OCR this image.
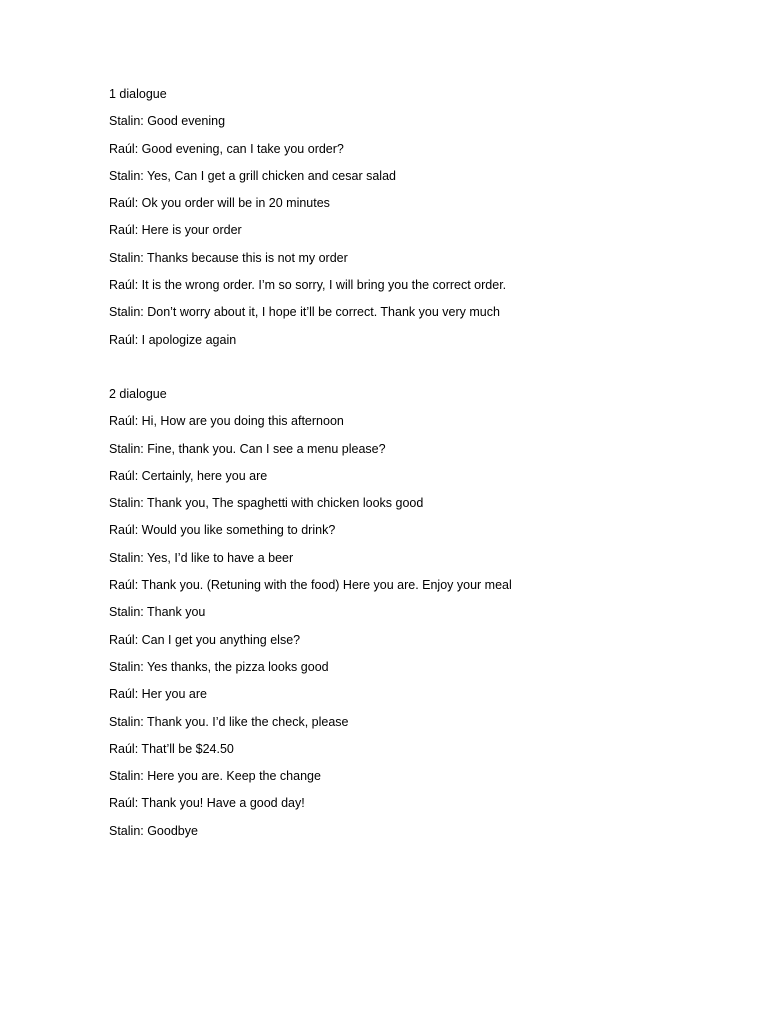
1 dialogue
Stalin: Good evening
Raúl: Good evening, can I take you order?
Stalin: Yes, Can I get a grill chicken and cesar salad
Raúl: Ok you order will be in 20 minutes
Raúl: Here is your order
Stalin: Thanks because this is not my order
Raúl: It is the wrong order. I’m so sorry, I will bring you the correct order.
Stalin: Don’t worry about it, I hope it’ll be correct. Thank you very much
Raúl: I apologize again
2 dialogue
Raúl: Hi, How are you doing this afternoon
Stalin: Fine, thank you. Can I see a menu please?
Raúl: Certainly, here you are
Stalin: Thank you, The spaghetti with chicken looks good
Raúl: Would you like something to drink?
Stalin: Yes, I’d like to have a beer
Raúl: Thank you. (Retuning with the food) Here you are. Enjoy your meal
Stalin: Thank you
Raúl: Can I get you anything else?
Stalin: Yes thanks, the pizza looks good
Raúl: Her you are
Stalin: Thank you. I’d like the check, please
Raúl: That’ll be $24.50
Stalin: Here you are. Keep the change
Raúl: Thank you! Have a good day!
Stalin: Goodbye
